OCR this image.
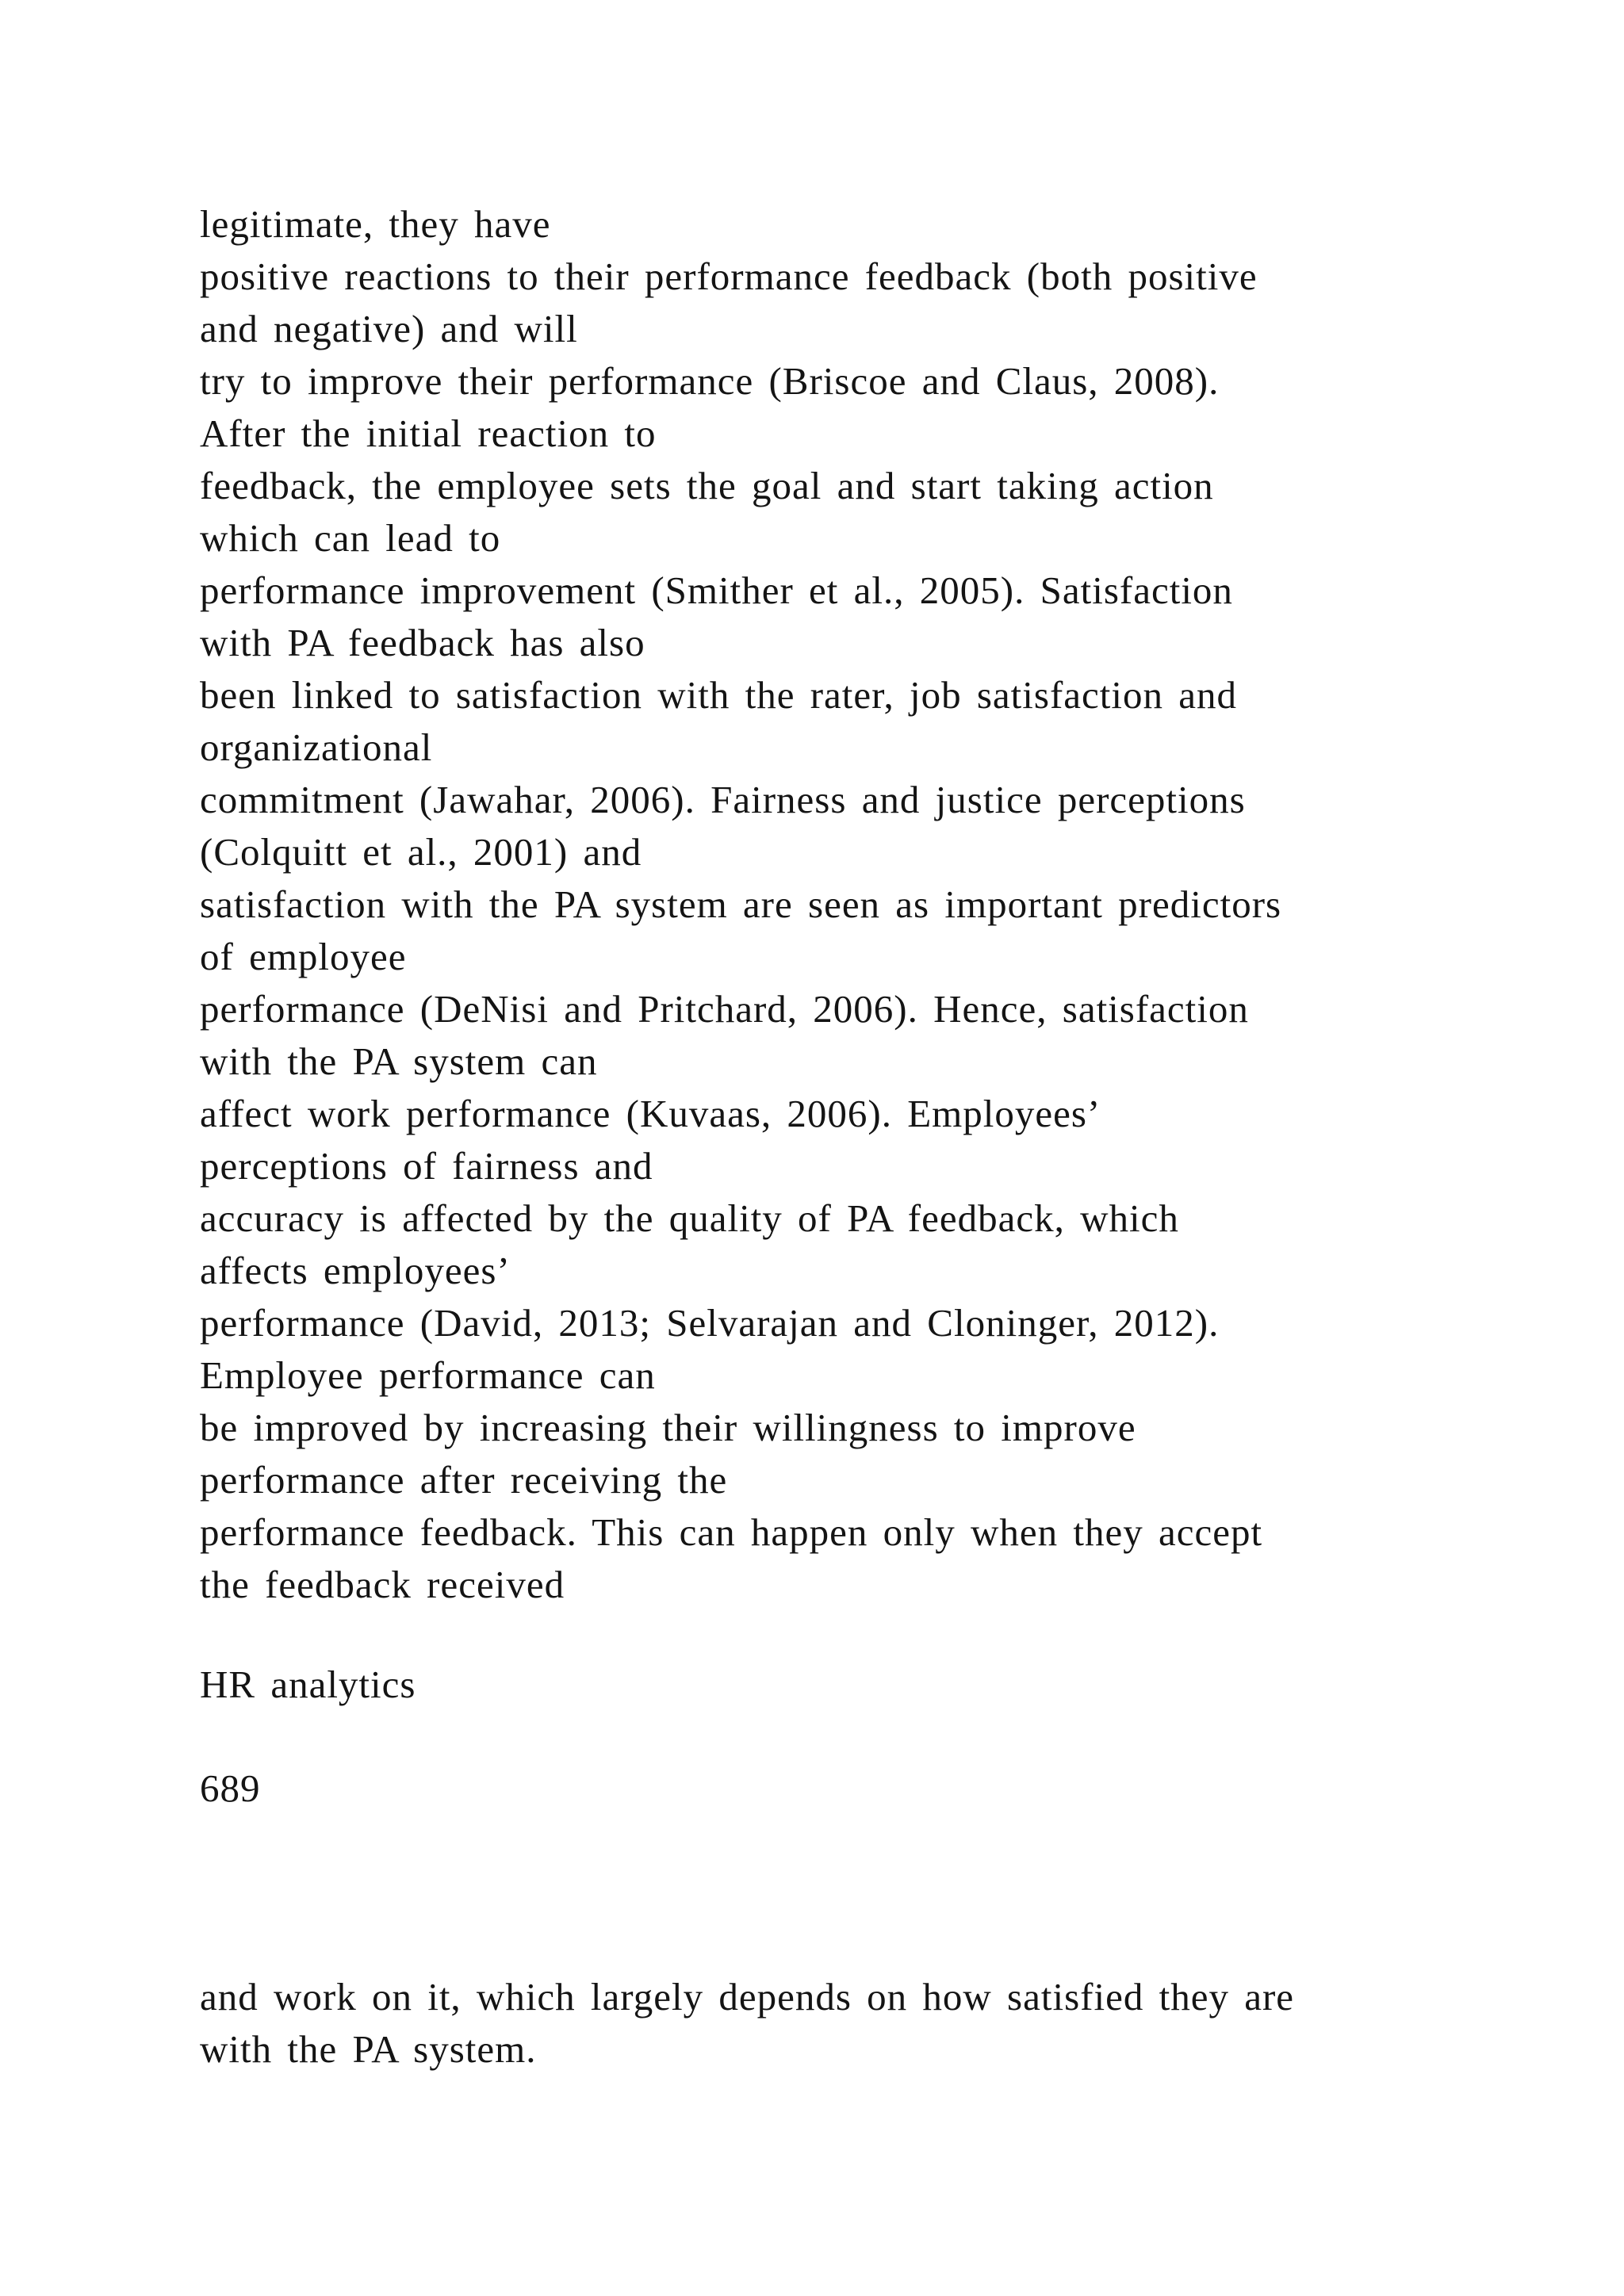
legitimate, they have
positive reactions to their performance feedback (both positive
and negative) and will
try to improve their performance (Briscoe and Claus, 2008).
After the initial reaction to
feedback, the employee sets the goal and start taking action
which can lead to
performance improvement (Smither et al., 2005). Satisfaction
with PA feedback has also
been linked to satisfaction with the rater, job satisfaction and
organizational
commitment (Jawahar, 2006). Fairness and justice perceptions
(Colquitt et al., 2001) and
satisfaction with the PA system are seen as important predictors
of employee
performance (DeNisi and Pritchard, 2006). Hence, satisfaction
with the PA system can
affect work performance (Kuvaas, 2006). Employees’
perceptions of fairness and
accuracy is affected by the quality of PA feedback, which
affects employees’
performance (David, 2013; Selvarajan and Cloninger, 2012).
Employee performance can
be improved by increasing their willingness to improve
performance after receiving the
performance feedback. This can happen only when they accept
the feedback received
HR analytics
689
and work on it, which largely depends on how satisfied they are
with the PA system.
